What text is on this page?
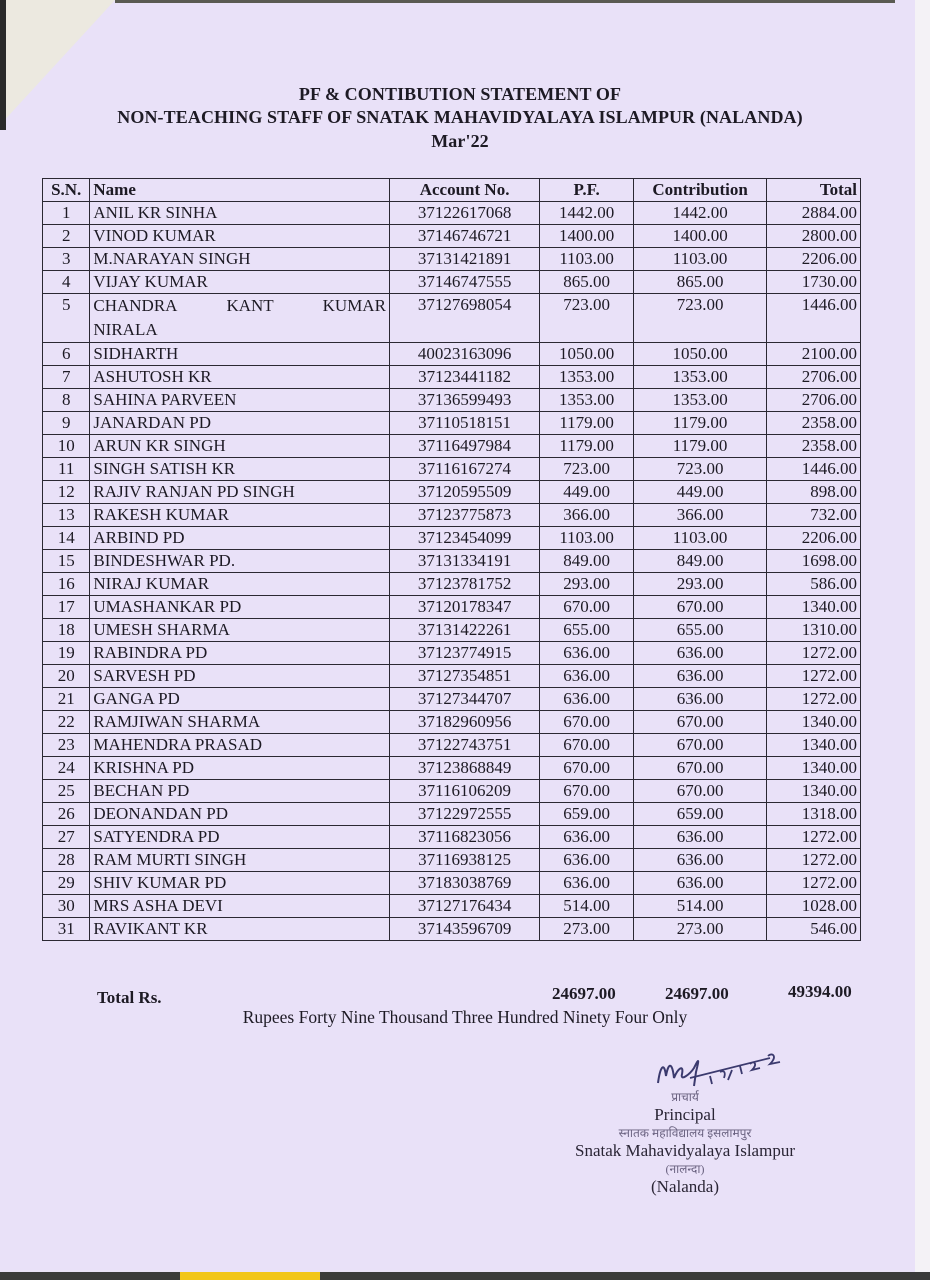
PF & CONTIBUTION STATEMENT OF
NON-TEACHING STAFF OF SNATAK MAHAVIDYALAYA ISLAMPUR (NALANDA)
Mar'22
S.N.	Name	Account No.	P.F.	Contribution	Total
1	ANIL KR SINHA	37122617068	1442.00	1442.00	2884.00
2	VINOD KUMAR	37146746721	1400.00	1400.00	2800.00
3	M.NARAYAN SINGH	37131421891	1103.00	1103.00	2206.00
4	VIJAY KUMAR	37146747555	865.00	865.00	1730.00
5	CHANDRA KANT KUMAR
NIRALA	37127698054	723.00	723.00	1446.00
6	SIDHARTH	40023163096	1050.00	1050.00	2100.00
7	ASHUTOSH KR	37123441182	1353.00	1353.00	2706.00
8	SAHINA PARVEEN	37136599493	1353.00	1353.00	2706.00
9	JANARDAN PD	37110518151	1179.00	1179.00	2358.00
10	ARUN KR SINGH	37116497984	1179.00	1179.00	2358.00
11	SINGH SATISH KR	37116167274	723.00	723.00	1446.00
12	RAJIV RANJAN PD SINGH	37120595509	449.00	449.00	898.00
13	RAKESH KUMAR	37123775873	366.00	366.00	732.00
14	ARBIND PD	37123454099	1103.00	1103.00	2206.00
15	BINDESHWAR PD.	37131334191	849.00	849.00	1698.00
16	NIRAJ KUMAR	37123781752	293.00	293.00	586.00
17	UMASHANKAR PD	37120178347	670.00	670.00	1340.00
18	UMESH SHARMA	37131422261	655.00	655.00	1310.00
19	RABINDRA PD	37123774915	636.00	636.00	1272.00
20	SARVESH PD	37127354851	636.00	636.00	1272.00
21	GANGA PD	37127344707	636.00	636.00	1272.00
22	RAMJIWAN SHARMA	37182960956	670.00	670.00	1340.00
23	MAHENDRA PRASAD	37122743751	670.00	670.00	1340.00
24	KRISHNA PD	37123868849	670.00	670.00	1340.00
25	BECHAN PD	37116106209	670.00	670.00	1340.00
26	DEONANDAN PD	37122972555	659.00	659.00	1318.00
27	SATYENDRA PD	37116823056	636.00	636.00	1272.00
28	RAM MURTI SINGH	37116938125	636.00	636.00	1272.00
29	SHIV KUMAR PD	37183038769	636.00	636.00	1272.00
30	MRS ASHA DEVI	37127176434	514.00	514.00	1028.00
31	RAVIKANT KR	37143596709	273.00	273.00	546.00
Total Rs.	24697.00	24697.00	49394.00
Rupees Forty Nine Thousand Three Hundred Ninety Four Only
प्राचार्य
Principal
स्नातक महाविद्यालय इसलामपुर
Snatak Mahavidyalaya Islampur
(नालन्दा)
(Nalanda)
